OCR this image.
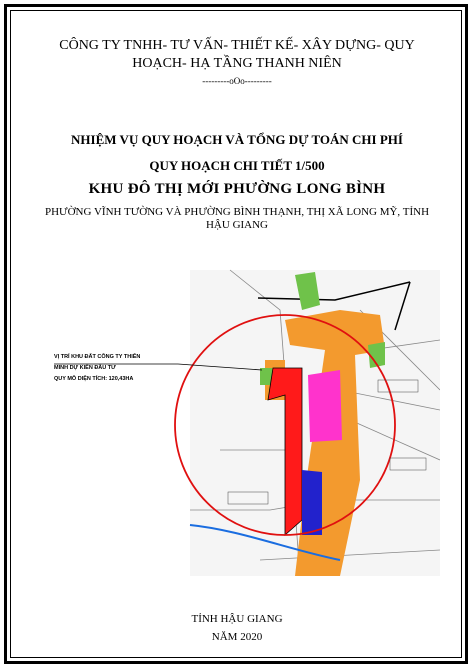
CÔNG TY TNHH- TƯ VẤN- THIẾT KẾ- XÂY DỰNG- QUY
HOẠCH- HẠ TẦNG THANH NIÊN
---------oOo---------
NHIỆM VỤ QUY HOẠCH VÀ TỔNG DỰ TOÁN CHI PHÍ
QUY HOẠCH CHI TIẾT 1/500
KHU ĐÔ THỊ MỚI PHƯỜNG LONG BÌNH
PHƯỜNG VĨNH TƯỜNG VÀ PHƯỜNG BÌNH THẠNH, THỊ XÃ LONG MỸ, TỈNH
HẬU GIANG
VỊ TRÍ KHU ĐẤT CÔNG TY THIÊN
MINH DỰ KIẾN ĐẦU TƯ
QUY MÔ DIỆN TÍCH: 120,43HA
TỈNH HẬU GIANG
NĂM 2020
